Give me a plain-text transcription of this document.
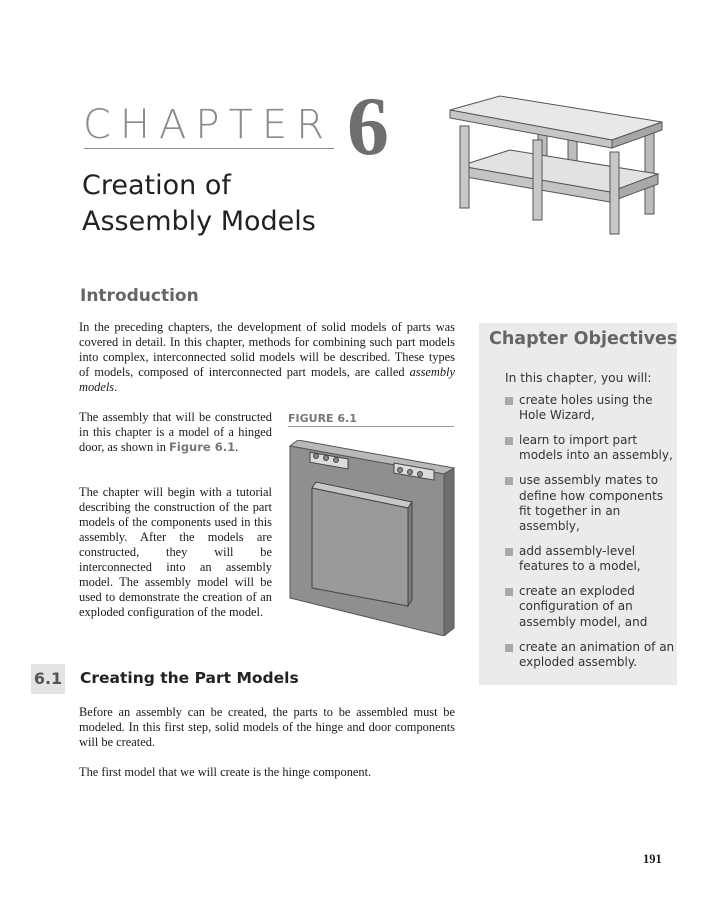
CHAPTER 6
Creation of
Assembly Models
Introduction
In the preceding chapters, the development of solid models of parts was covered in detail. In this chapter, methods for combining such part models into complex, interconnected solid models will be described. These types of models, composed of interconnected part models, are called assembly models.
The assembly that will be constructed in this chapter is a model of a hinged door, as shown in Figure 6.1.
The chapter will begin with a tutorial describing the construction of the part models of the components used in this assembly. After the models are constructed, they will be interconnected into an assembly model. The assembly model will be used to demonstrate the creation of an exploded configuration of the model.
FIGURE 6.1
Chapter Objectives
In this chapter, you will:
create holes using the Hole Wizard,
learn to import part models into an assembly,
use assembly mates to define how components fit together in an assembly,
add assembly-level features to a model,
create an exploded configuration of an assembly model, and
create an animation of an exploded assembly.
6.1 Creating the Part Models
Before an assembly can be created, the parts to be assembled must be modeled. In this first step, solid models of the hinge and door components will be created.
The first model that we will create is the hinge component.
191
